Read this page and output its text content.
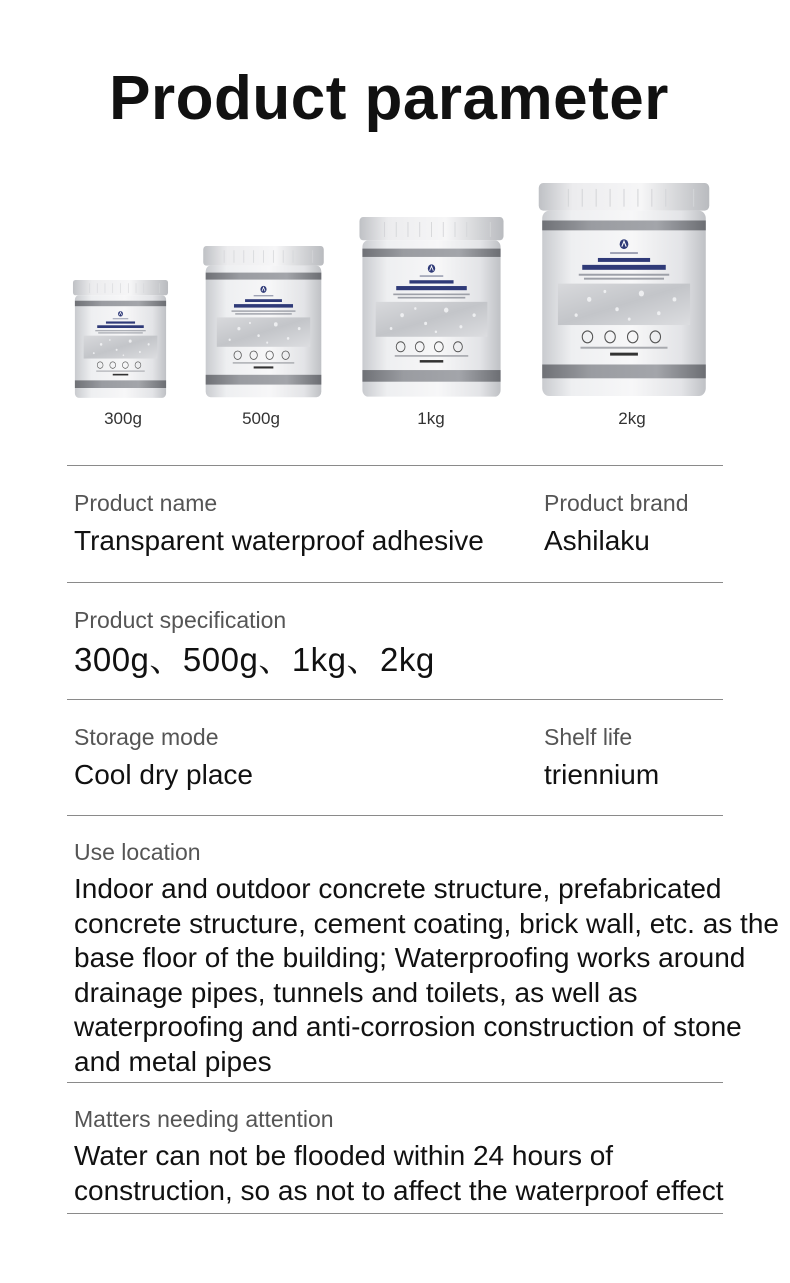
Product parameter
300g	500g	1kg	2kg
Product name
Transparent waterproof adhesive
Product brand
Ashilaku
Product specification
300g、500g、1kg、2kg
Storage mode
Cool dry place
Shelf life
triennium
Use location
Indoor and outdoor concrete structure, prefabricated concrete structure, cement coating, brick wall, etc. as the base floor of the building; Waterproofing works around drainage pipes, tunnels and toilets, as well as waterproofing and anti-corrosion construction of stone and metal pipes
Matters needing attention
Water can not be flooded within 24 hours of construction, so as not to affect the waterproof effect
